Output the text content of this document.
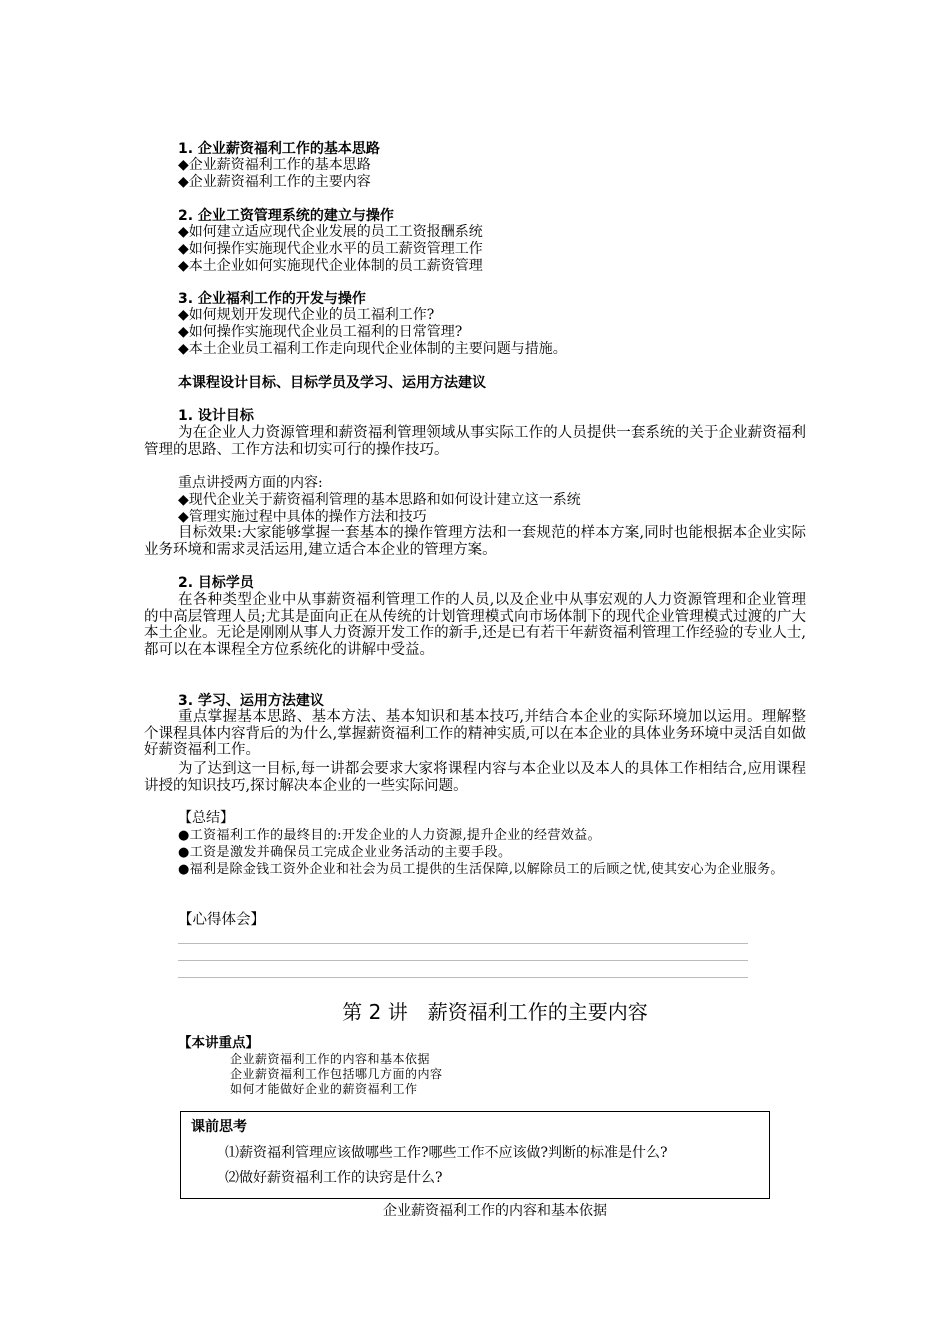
1. 企业薪资福利工作的基本思路
◆企业薪资福利工作的基本思路
◆企业薪资福利工作的主要内容
2. 企业工资管理系统的建立与操作
◆如何建立适应现代企业发展的员工工资报酬系统
◆如何操作实施现代企业水平的员工薪资管理工作
◆本土企业如何实施现代企业体制的员工薪资管理
3. 企业福利工作的开发与操作
◆如何规划开发现代企业的员工福利工作?
◆如何操作实施现代企业员工福利的日常管理?
◆本土企业员工福利工作走向现代企业体制的主要问题与措施。
本课程设计目标、目标学员及学习、运用方法建议
1. 设计目标
为在企业人力资源管理和薪资福利管理领域从事实际工作的人员提供一套系统的关于企业薪资福利管理的思路、工作方法和切实可行的操作技巧。
重点讲授两方面的内容:
◆现代企业关于薪资福利管理的基本思路和如何设计建立这一系统
◆管理实施过程中具体的操作方法和技巧
目标效果:大家能够掌握一套基本的操作管理方法和一套规范的样本方案,同时也能根据本企业实际业务环境和需求灵活运用,建立适合本企业的管理方案。
2. 目标学员
在各种类型企业中从事薪资福利管理工作的人员,以及企业中从事宏观的人力资源管理和企业管理的中高层管理人员;尤其是面向正在从传统的计划管理模式向市场体制下的现代企业管理模式过渡的广大本土企业。无论是刚刚从事人力资源开发工作的新手,还是已有若干年薪资福利管理工作经验的专业人士,都可以在本课程全方位系统化的讲解中受益。
3. 学习、运用方法建议
重点掌握基本思路、基本方法、基本知识和基本技巧,并结合本企业的实际环境加以运用。理解整个课程具体内容背后的为什么,掌握薪资福利工作的精神实质,可以在本企业的具体业务环境中灵活自如做好薪资福利工作。
为了达到这一目标,每一讲都会要求大家将课程内容与本企业以及本人的具体工作相结合,应用课程讲授的知识技巧,探讨解决本企业的一些实际问题。
【总结】
●工资福利工作的最终目的:开发企业的人力资源,提升企业的经营效益。
●工资是激发并确保员工完成企业业务活动的主要手段。
●福利是除金钱工资外企业和社会为员工提供的生活保障,以解除员工的后顾之忧,使其安心为企业服务。
【心得体会】
第 2 讲　薪资福利工作的主要内容
【本讲重点】
企业薪资福利工作的内容和基本依据
企业薪资福利工作包括哪几方面的内容
如何才能做好企业的薪资福利工作
课前思考
⑴薪资福利管理应该做哪些工作?哪些工作不应该做?判断的标准是什么?
⑵做好薪资福利工作的诀窍是什么?
企业薪资福利工作的内容和基本依据
